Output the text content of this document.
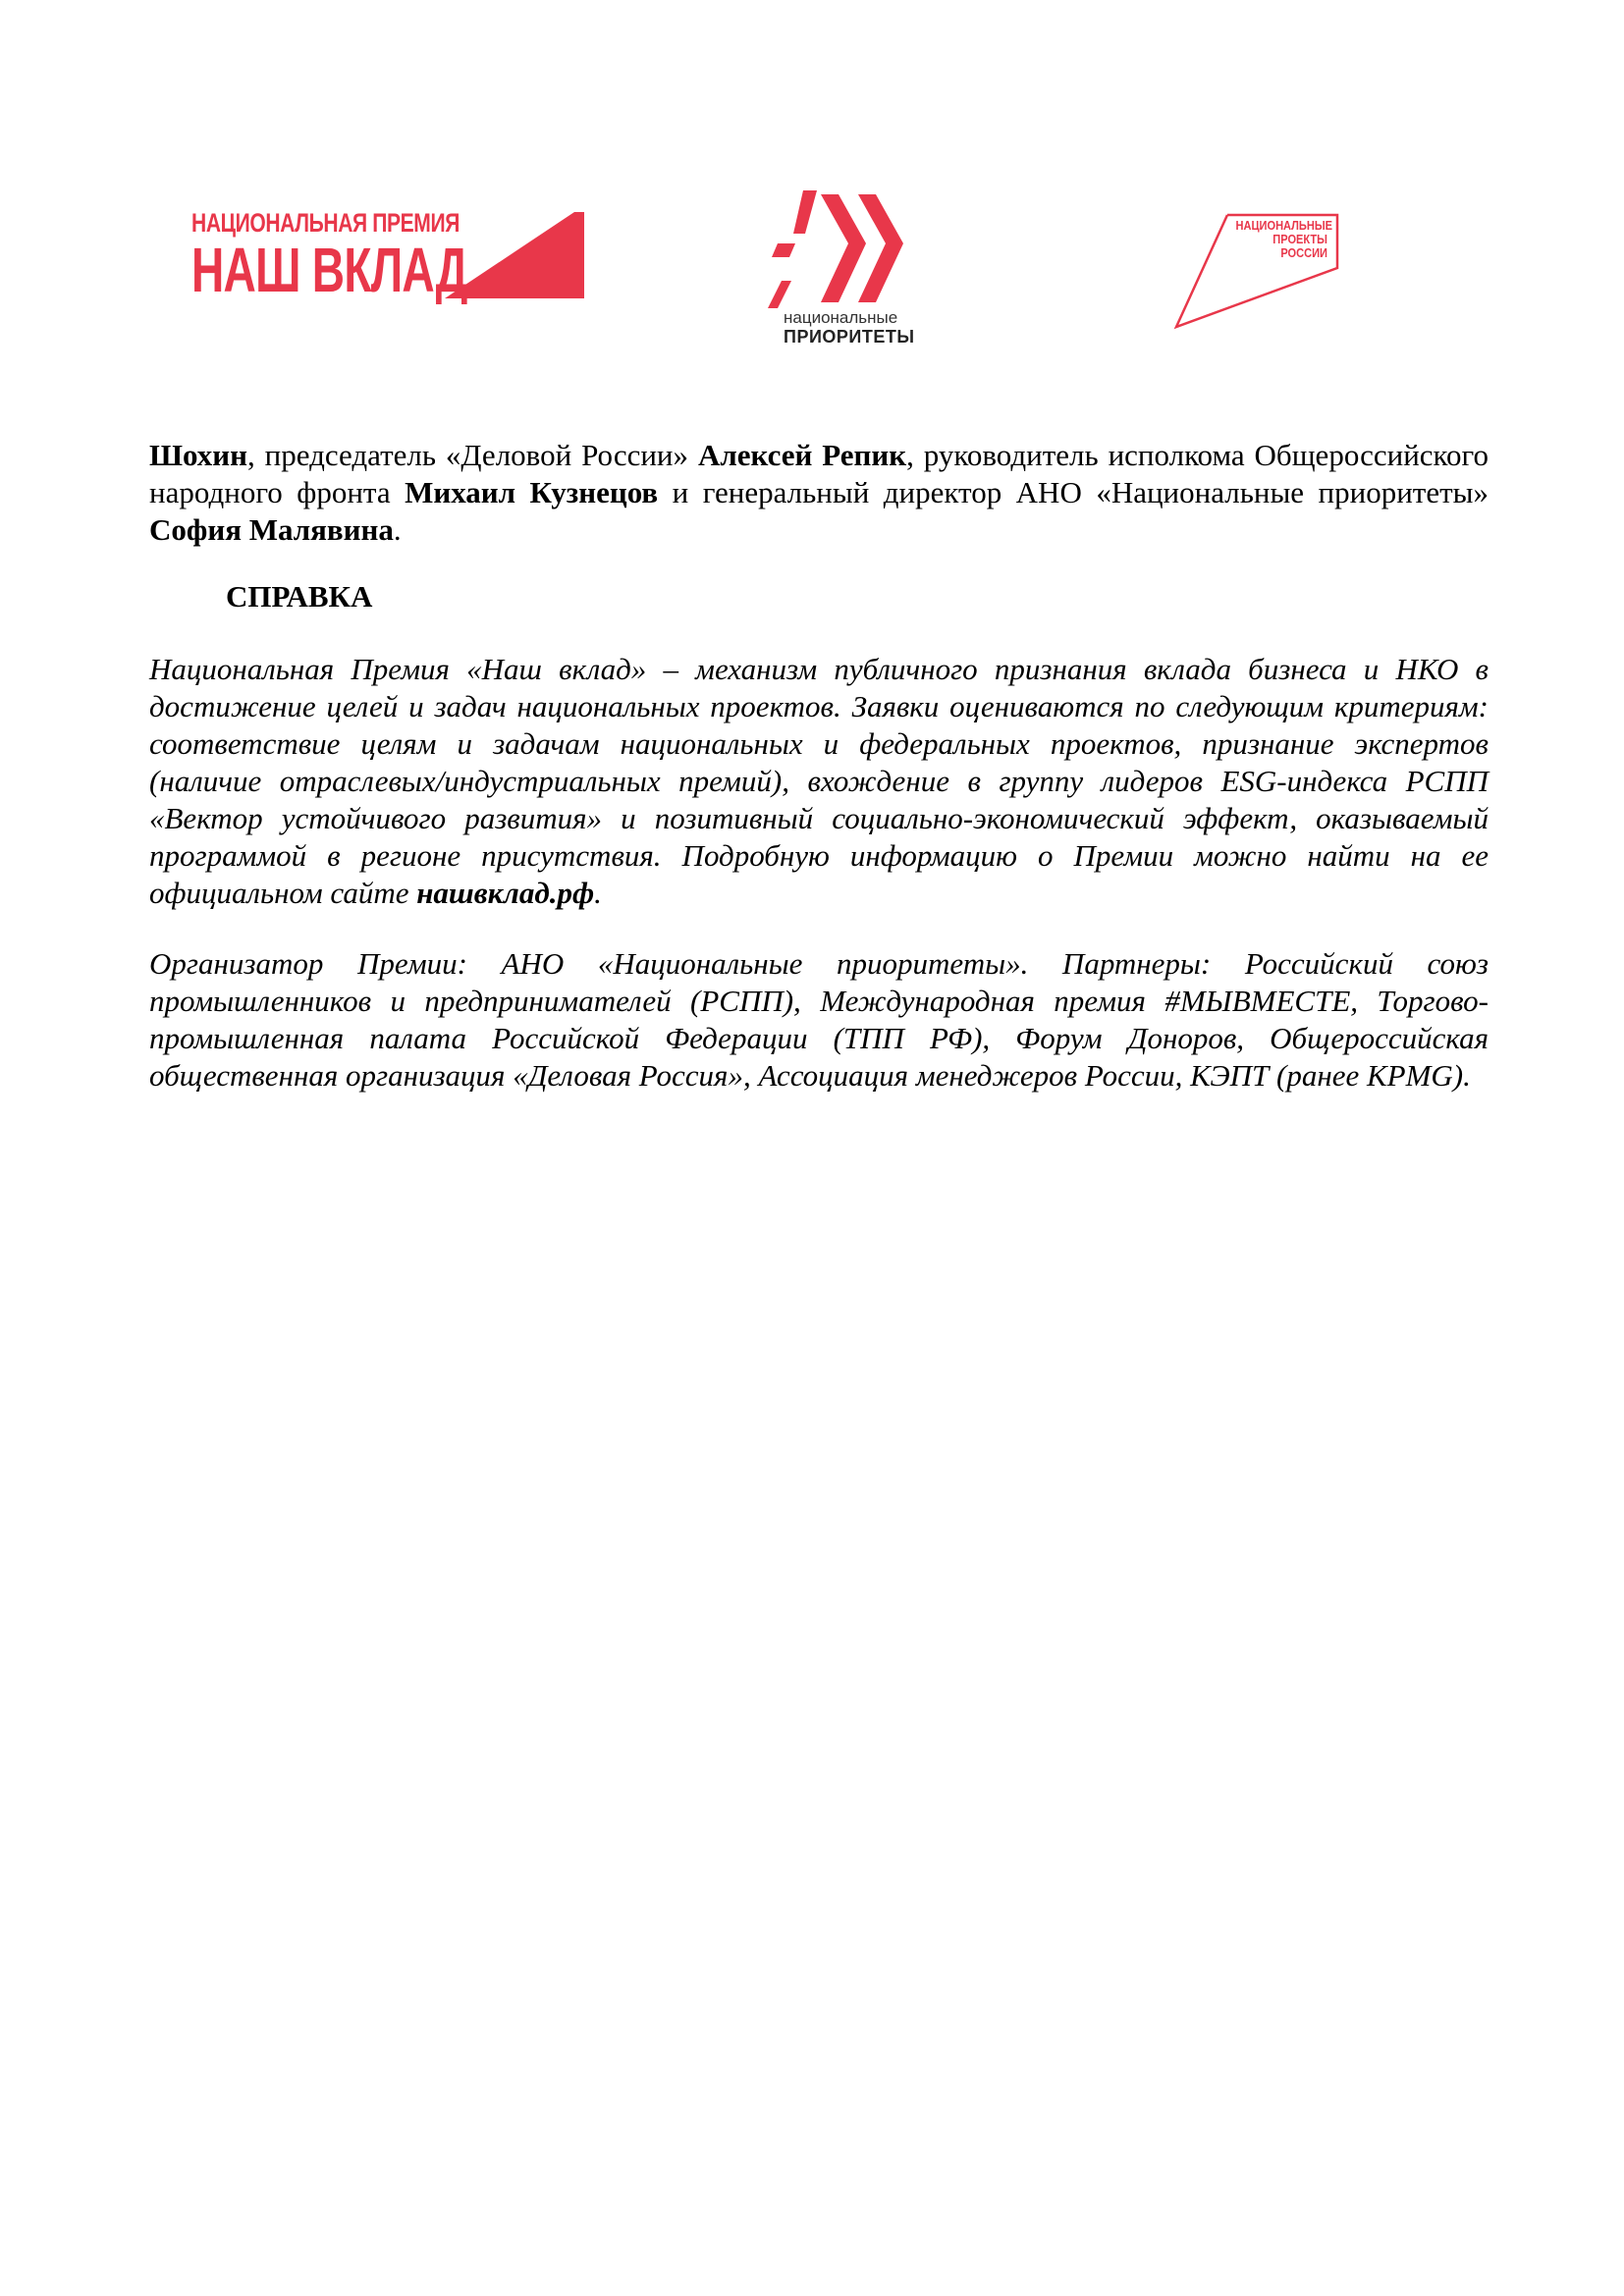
НАЦИОНАЛЬНАЯ ПРЕМИЯ
НАШ ВКЛАД
национальные
ПРИОРИТЕТЫ
НАЦИОНАЛЬНЫЕ
ПРОЕКТЫ
РОССИИ

Шохин, председатель «Деловой России» Алексей Репик, руководитель исполкома Общероссийского народного фронта Михаил Кузнецов и генеральный директор АНО «Национальные приоритеты» София Малявина.

СПРАВКА

Национальная Премия «Наш вклад» – механизм публичного признания вклада бизнеса и НКО в достижение целей и задач национальных проектов. Заявки оцениваются по следующим критериям: соответствие целям и задачам национальных и федеральных проектов, признание экспертов (наличие отраслевых/индустриальных премий), вхождение в группу лидеров ESG-индекса РСПП «Вектор устойчивого развития» и позитивный социально-экономический эффект, оказываемый программой в регионе присутствия. Подробную информацию о Премии можно найти на ее официальном сайте нашвклад.рф.

Организатор Премии: АНО «Национальные приоритеты». Партнеры: Российский союз промышленников и предпринимателей (РСПП), Международная премия #МЫВМЕСТЕ, Торгово-промышленная палата Российской Федерации (ТПП РФ), Форум Доноров, Общероссийская общественная организация «Деловая Россия», Ассоциация менеджеров России, КЭПТ (ранее KPMG).
